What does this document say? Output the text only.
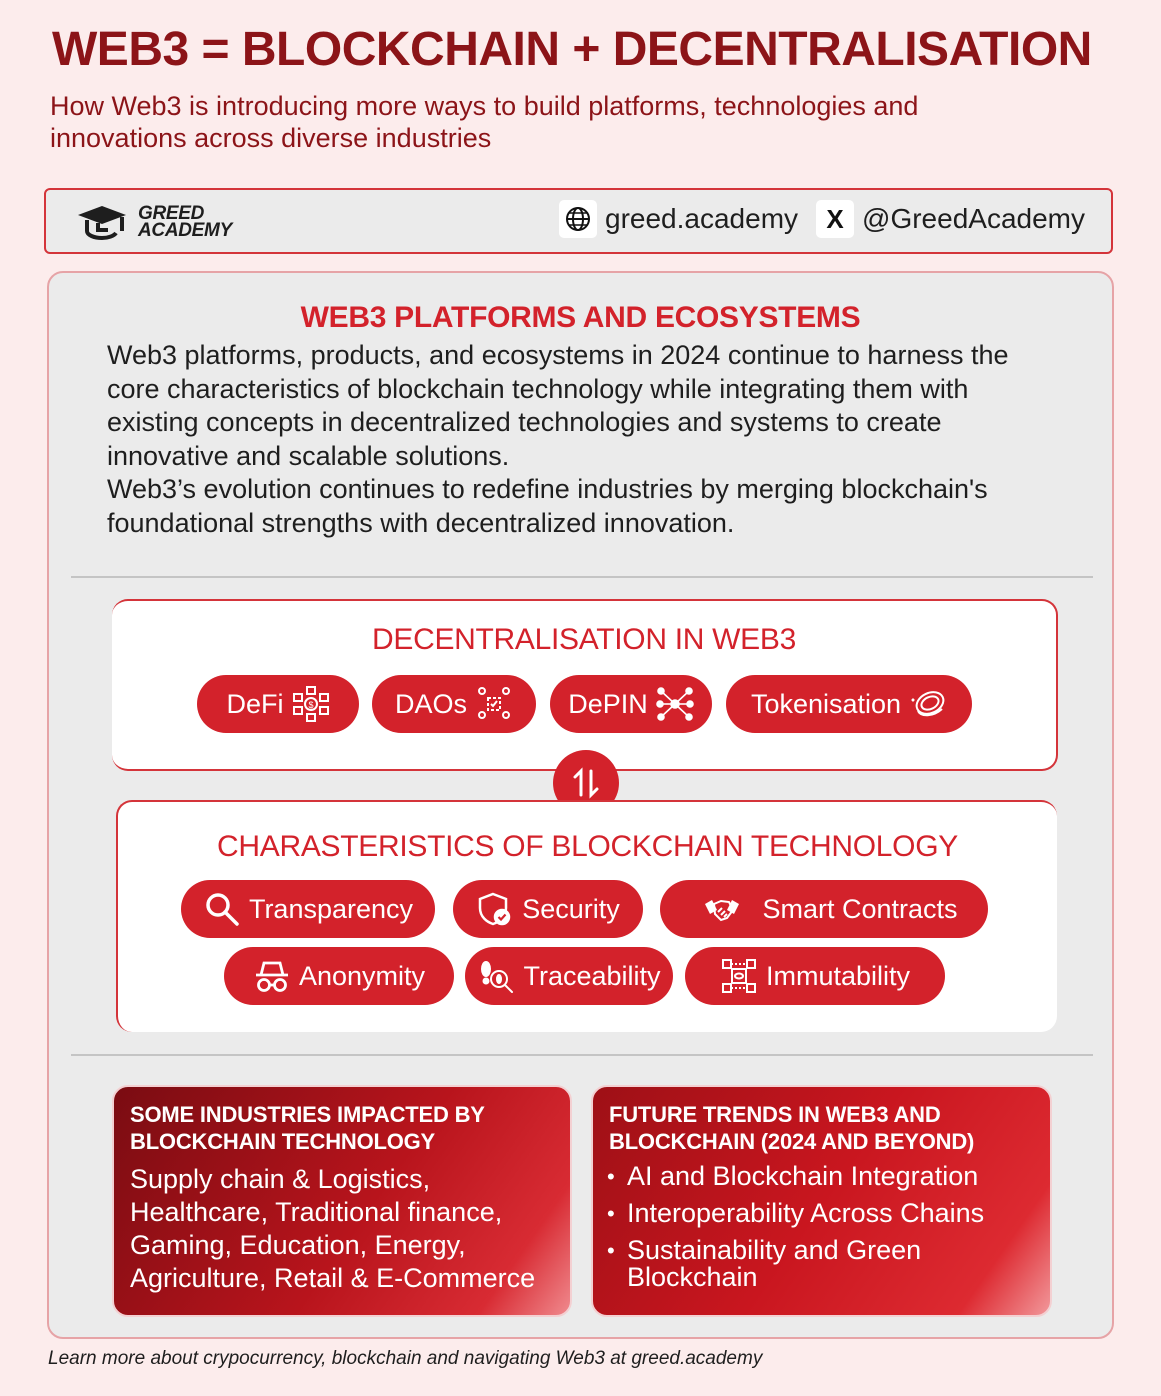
WEB3 = BLOCKCHAIN + DECENTRALISATION
How Web3 is introducing more ways to build platforms, technologies and innovations across diverse industries
GREED ACADEMY	greed.academy	X @GreedAcademy
WEB3 PLATFORMS AND ECOSYSTEMS

Web3 platforms, products, and ecosystems in 2024 continue to harness the core characteristics of blockchain technology while integrating them with existing concepts in decentralized technologies and systems to create innovative and scalable solutions.

Web3’s evolution continues to redefine industries by merging blockchain's foundational strengths with decentralized innovation.

DECENTRALISATION IN WEB3
DeFi	$	DAOs	DePIN	Tokenisation
CHARASTERISTICS OF BLOCKCHAIN TECHNOLOGY
Transparency	Security	Smart Contracts
Anonymity	Traceability	Immutability
SOME INDUSTRIES IMPACTED BY BLOCKCHAIN TECHNOLOGY
Supply chain & Logistics, Healthcare, Traditional finance, Gaming, Education, Energy, Agriculture, Retail & E-Commerce
FUTURE TRENDS IN WEB3 AND BLOCKCHAIN (2024 AND BEYOND)
• AI and Blockchain Integration
• Interoperability Across Chains
• Sustainability and Green Blockchain
Learn more about crypocurrency, blockchain and navigating Web3 at greed.academy
